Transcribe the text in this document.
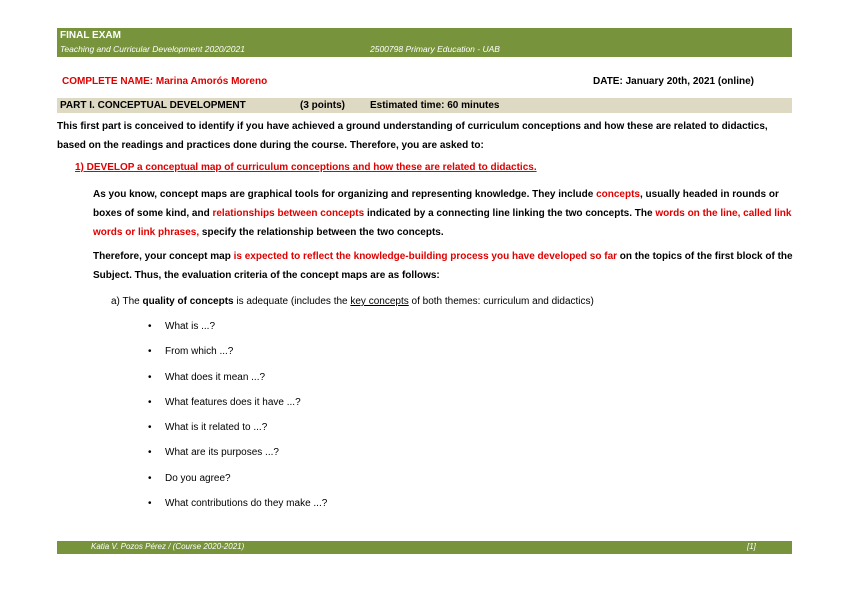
FINAL EXAM
Teaching and Curricular Development 2020/2021	2500798 Primary Education - UAB
COMPLETE NAME: Marina Amorós Moreno	DATE: January 20th, 2021 (online)
PART I. CONCEPTUAL DEVELOPMENT	(3 points)	Estimated time: 60 minutes
This first part is conceived to identify if you have achieved a ground understanding of curriculum conceptions and how these are related to didactics, based on the readings and practices done during the course. Therefore, you are asked to:
1) DEVELOP a conceptual map of curriculum conceptions and how these are related to didactics.
As you know, concept maps are graphical tools for organizing and representing knowledge. They include concepts, usually headed in rounds or boxes of some kind, and relationships between concepts indicated by a connecting line linking the two concepts. The words on the line, called link words or link phrases, specify the relationship between the two concepts.
Therefore, your concept map is expected to reflect the knowledge-building process you have developed so far on the topics of the first block of the Subject. Thus, the evaluation criteria of the concept maps are as follows:
a) The quality of concepts is adequate (includes the key concepts of both themes: curriculum and didactics)
• What is ...?
• From which ...?
• What does it mean ...?
• What features does it have ...?
• What is it related to ...?
• What are its purposes ...?
• Do you agree?
• What contributions do they make ...?
Katia V. Pozos Pérez / (Course 2020-2021)	[1]
